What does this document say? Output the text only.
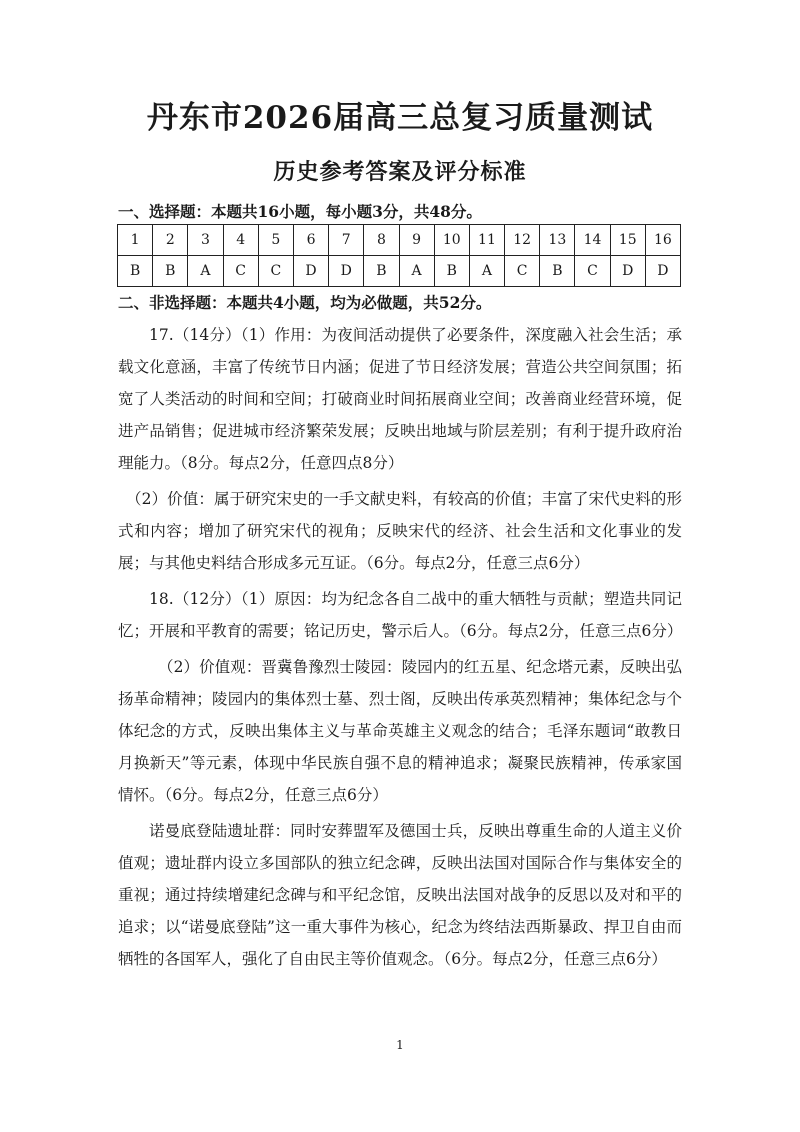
丹东市2026届高三总复习质量测试
历史参考答案及评分标准
一、选择题：本题共16小题，每小题3分，共48分。
1	2	3	4	5	6	7	8	9	10	11	12	13	14	15	16
B	B	A	C	C	D	D	B	A	B	A	C	B	C	D	D
二、非选择题：本题共4小题，均为必做题，共52分。

17.（14分）（1）作用：为夜间活动提供了必要条件，深度融入社会生活；承载文化意涵，丰富了传统节日内涵；促进了节日经济发展；营造公共空间氛围；拓宽了人类活动的时间和空间；打破商业时间拓展商业空间；改善商业经营环境，促进产品销售；促进城市经济繁荣发展；反映出地域与阶层差别；有利于提升政府治理能力。（8分。每点2分，任意四点8分）

（2）价值：属于研究宋史的一手文献史料，有较高的价值；丰富了宋代史料的形式和内容；增加了研究宋代的视角；反映宋代的经济、社会生活和文化事业的发展；与其他史料结合形成多元互证。（6分。每点2分，任意三点6分）

18.（12分）（1）原因：均为纪念各自二战中的重大牺牲与贡献；塑造共同记忆；开展和平教育的需要；铭记历史，警示后人。（6分。每点2分，任意三点6分）

（2）价值观：晋冀鲁豫烈士陵园：陵园内的红五星、纪念塔元素，反映出弘扬革命精神；陵园内的集体烈士墓、烈士阁，反映出传承英烈精神；集体纪念与个体纪念的方式，反映出集体主义与革命英雄主义观念的结合；毛泽东题词“敢教日月换新天”等元素，体现中华民族自强不息的精神追求；凝聚民族精神，传承家国情怀。（6分。每点2分，任意三点6分）

诺曼底登陆遗址群：同时安葬盟军及德国士兵，反映出尊重生命的人道主义价值观；遗址群内设立多国部队的独立纪念碑，反映出法国对国际合作与集体安全的重视；通过持续增建纪念碑与和平纪念馆，反映出法国对战争的反思以及对和平的追求；以“诺曼底登陆”这一重大事件为核心，纪念为终结法西斯暴政、捍卫自由而牺牲的各国军人，强化了自由民主等价值观念。（6分。每点2分，任意三点6分）

1
